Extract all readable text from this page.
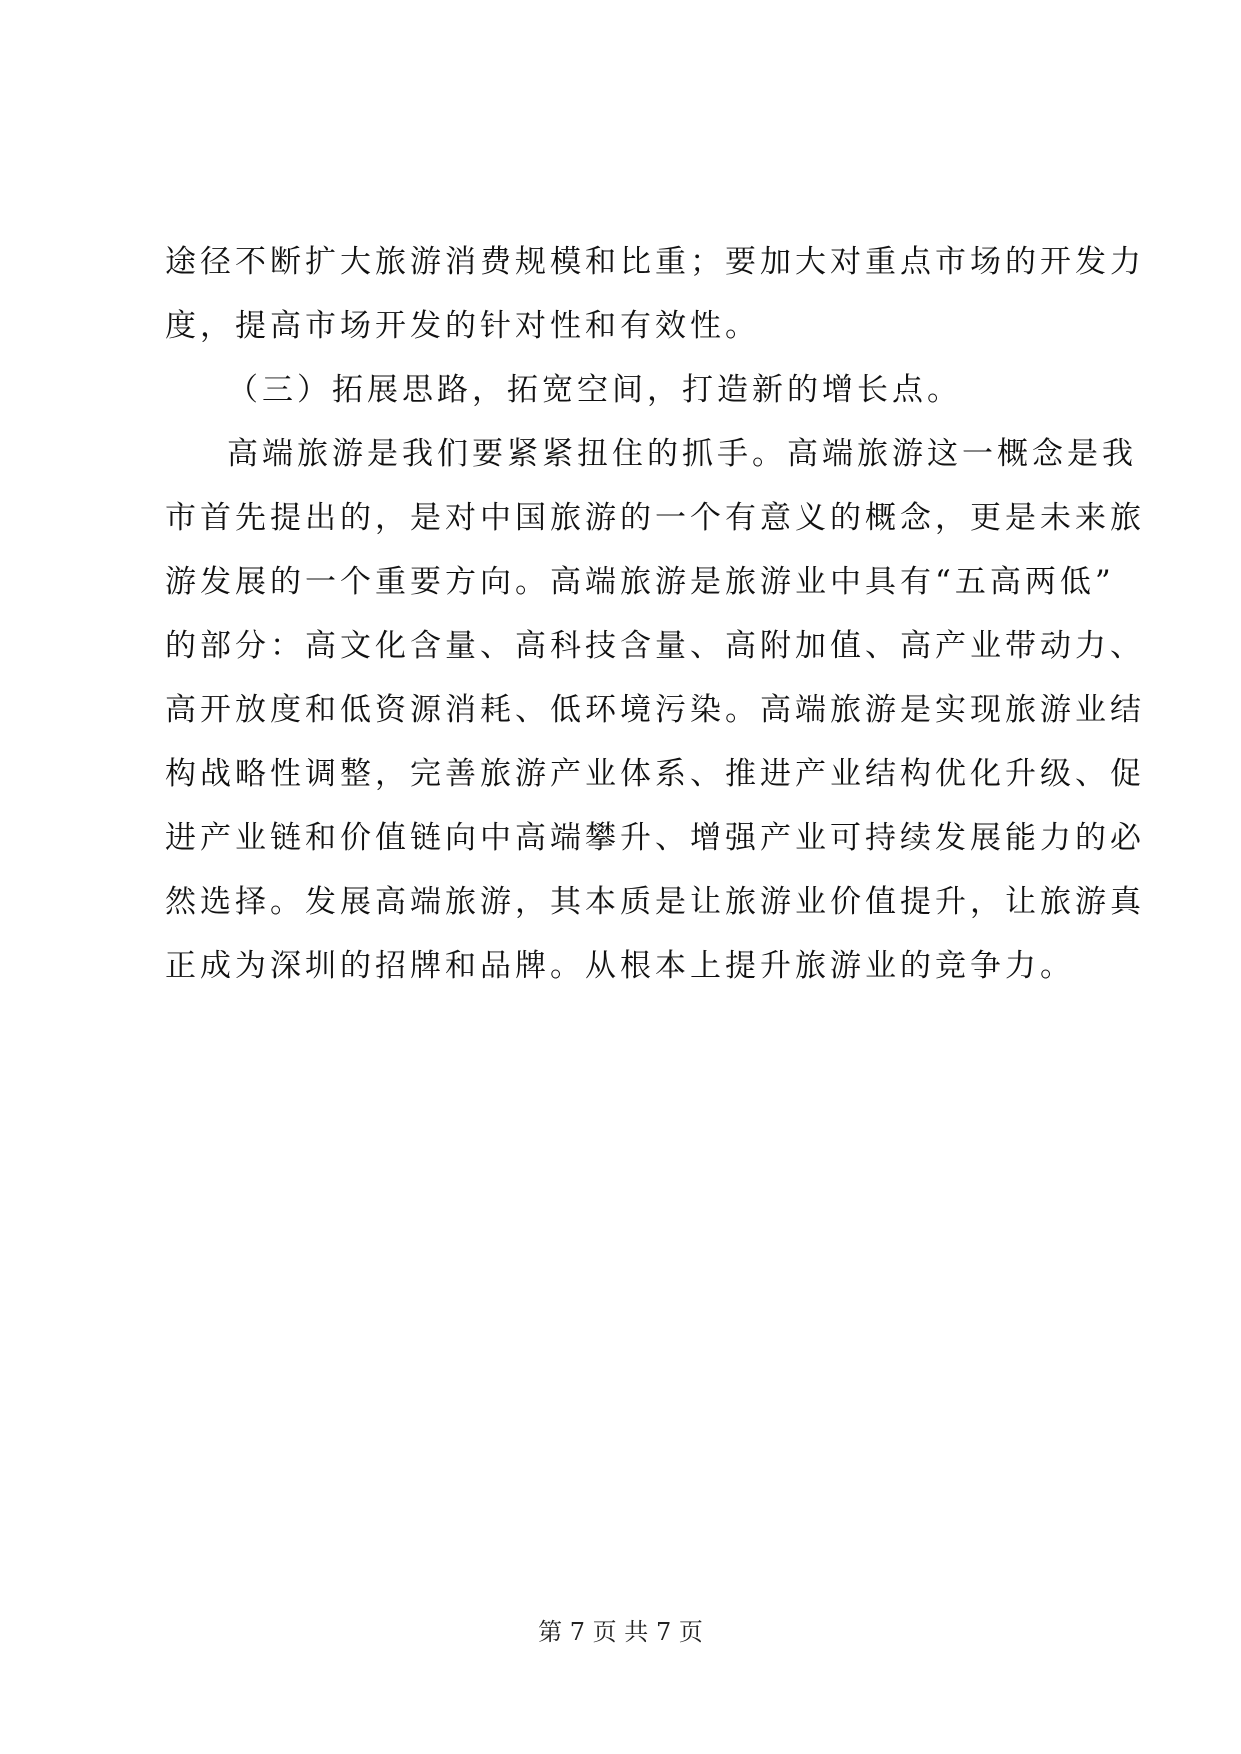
途径不断扩大旅游消费规模和比重；要加大对重点市场的开发力
度，提高市场开发的针对性和有效性。
（三）拓展思路，拓宽空间，打造新的增长点。
高端旅游是我们要紧紧扭住的抓手。高端旅游这一概念是我
市首先提出的，是对中国旅游的一个有意义的概念，更是未来旅
游发展的一个重要方向。高端旅游是旅游业中具有“五高两低”
的部分：高文化含量、高科技含量、高附加值、高产业带动力、
高开放度和低资源消耗、低环境污染。高端旅游是实现旅游业结
构战略性调整，完善旅游产业体系、推进产业结构优化升级、促
进产业链和价值链向中高端攀升、增强产业可持续发展能力的必
然选择。发展高端旅游，其本质是让旅游业价值提升，让旅游真
正成为深圳的招牌和品牌。从根本上提升旅游业的竞争力。
第 7 页 共 7 页
